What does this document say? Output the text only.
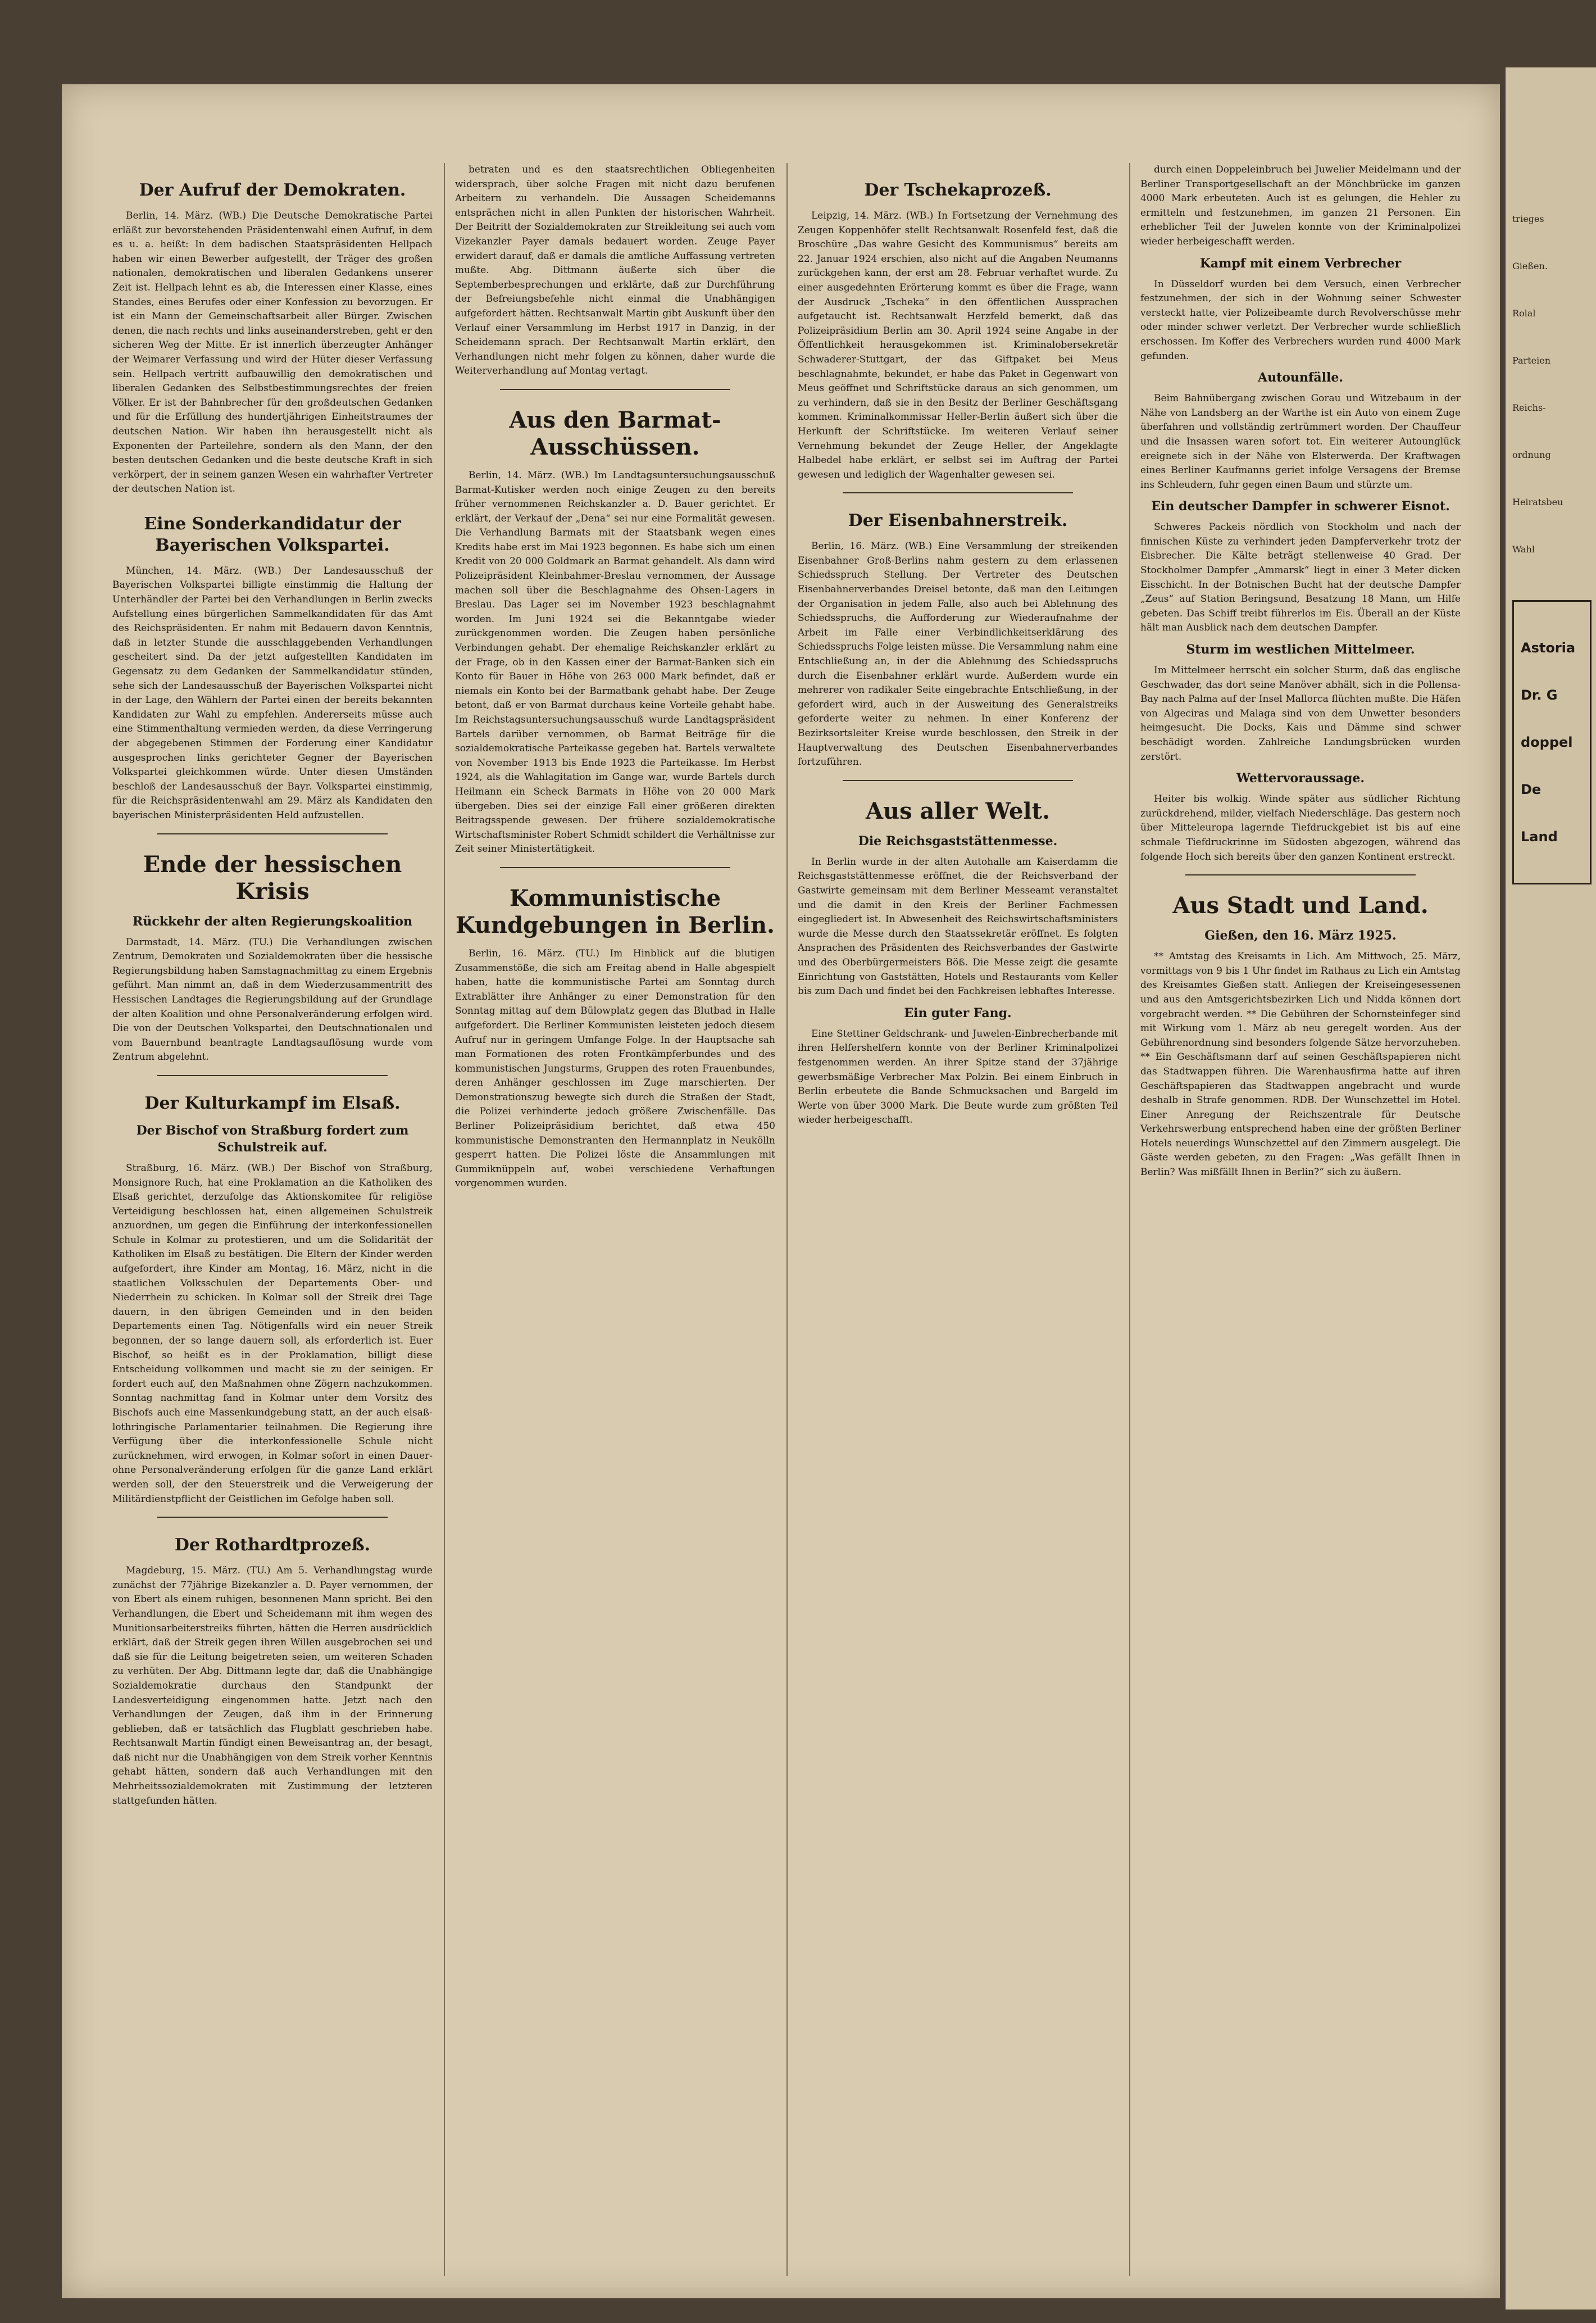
Der Aufruf der Demokraten.

Berlin, 14. März. (WB.) Die Deutsche Demokratische Partei erläßt zur bevorstehenden Präsidentenwahl einen Aufruf, in dem es u. a. heißt: In dem badischen Staatspräsidenten Hellpach haben wir einen Bewerber aufgestellt, der Träger des großen nationalen, demokratischen und liberalen Gedankens unserer Zeit ist. Hellpach lehnt es ab, die Interessen einer Klasse, eines Standes, eines Berufes oder einer Konfession zu bevorzugen. Er ist ein Mann der Gemeinschaftsarbeit aller Bürger. Zwischen denen, die nach rechts und links auseinanderstreben, geht er den sicheren Weg der Mitte. Er ist innerlich überzeugter Anhänger der Weimarer Verfassung und wird der Hüter dieser Verfassung sein. Hellpach vertritt aufbauwillig den demokratischen und liberalen Gedanken des Selbstbestimmungsrechtes der freien Völker. Er ist der Bahnbrecher für den großdeutschen Gedanken und für die Erfüllung des hundertjährigen Einheitstraumes der deutschen Nation. Wir haben ihn herausgestellt nicht als Exponenten der Parteilehre, sondern als den Mann, der den besten deutschen Gedanken und die beste deutsche Kraft in sich verkörpert, der in seinem ganzen Wesen ein wahrhafter Vertreter der deutschen Nation ist.

Eine Sonderkandidatur der Bayerischen Volkspartei.

München, 14. März. (WB.) Der Landesausschuß der Bayerischen Volkspartei billigte einstimmig die Haltung der Unterhändler der Partei bei den Verhandlungen in Berlin zwecks Aufstellung eines bürgerlichen Sammelkandidaten für das Amt des Reichspräsidenten. Er nahm mit Bedauern davon Kenntnis, daß in letzter Stunde die ausschlaggebenden Verhandlungen gescheitert sind. Da der jetzt aufgestellten Kandidaten im Gegensatz zu dem Gedanken der Sammelkandidatur stünden, sehe sich der Landesausschuß der Bayerischen Volkspartei nicht in der Lage, den Wählern der Partei einen der bereits bekannten Kandidaten zur Wahl zu empfehlen. Andererseits müsse auch eine Stimmenthaltung vermieden werden, da diese Verringerung der abgegebenen Stimmen der Forderung einer Kandidatur ausgesprochen links gerichteter Gegner der Bayerischen Volkspartei gleichkommen würde. Unter diesen Umständen beschloß der Landesausschuß der Bayr. Volkspartei einstimmig, für die Reichspräsidentenwahl am 29. März als Kandidaten den bayerischen Ministerpräsidenten Held aufzustellen.

Ende der hessischen Krisis
Rückkehr der alten Regierungskoalition

Darmstadt, 14. März. (TU.) Die Verhandlungen zwischen Zentrum, Demokraten und Sozialdemokraten über die hessische Regierungsbildung haben Samstagnachmittag zu einem Ergebnis geführt. Man nimmt an, daß in dem Wiederzusammentritt des Hessischen Landtages die Regierungsbildung auf der Grundlage der alten Koalition und ohne Personalveränderung erfolgen wird. Die von der Deutschen Volkspartei, den Deutschnationalen und vom Bauernbund beantragte Landtagsauflösung wurde vom Zentrum abgelehnt.

Der Kulturkampf im Elsaß.
Der Bischof von Straßburg fordert zum Schulstreik auf.

Straßburg, 16. März. (WB.) Der Bischof von Straßburg, Monsignore Ruch, hat eine Proklamation an die Katholiken des Elsaß gerichtet, derzufolge das Aktionskomitee für religiöse Verteidigung beschlossen hat, einen allgemeinen Schulstreik anzuordnen, um gegen die Einführung der interkonfessionellen Schule in Kolmar zu protestieren, und um die Solidarität der Katholiken im Elsaß zu bestätigen. Die Eltern der Kinder werden aufgefordert, ihre Kinder am Montag, 16. März, nicht in die staatlichen Volksschulen der Departements Ober- und Niederrhein zu schicken. In Kolmar soll der Streik drei Tage dauern, in den übrigen Gemeinden und in den beiden Departements einen Tag. Nötigenfalls wird ein neuer Streik begonnen, der so lange dauern soll, als erforderlich ist. Euer Bischof, so heißt es in der Proklamation, billigt diese Entscheidung vollkommen und macht sie zu der seinigen. Er fordert euch auf, den Maßnahmen ohne Zögern nachzukommen. Sonntag nachmittag fand in Kolmar unter dem Vorsitz des Bischofs auch eine Massenkundgebung statt, an der auch elsaß-lothringische Parlamentarier teilnahmen. Die Regierung ihre Verfügung über die interkonfessionelle Schule nicht zurücknehmen, wird erwogen, in Kolmar sofort in einen Dauer- ohne Personalveränderung erfolgen für die ganze Land erklärt werden soll, der den Steuerstreik und die Verweigerung der Militärdienstpflicht der Geistlichen im Gefolge haben soll.

Der Rothardtprozeß.

Magdeburg, 15. März. (TU.) Am 5. Verhandlungstag wurde zunächst der 77jährige Bizekanzler a. D. Payer vernommen, der von Ebert als einem ruhigen, besonnenen Mann spricht. Bei den Verhandlungen, die Ebert und Scheidemann mit ihm wegen des Munitionsarbeiterstreiks führten, hätten die Herren ausdrücklich erklärt, daß der Streik gegen ihren Willen ausgebrochen sei und daß sie für die Leitung beigetreten seien, um weiteren Schaden zu verhüten. Der Abg. Dittmann legte dar, daß die Unabhängige Sozialdemokratie durchaus den Standpunkt der Landesverteidigung eingenommen hatte. Jetzt nach den Verhandlungen der Zeugen, daß ihm in der Erinnerung geblieben, daß er tatsächlich das Flugblatt geschrieben habe. Rechtsanwalt Martin fündigt einen Beweisantrag an, der besagt, daß nicht nur die Unabhängigen von dem Streik vorher Kenntnis gehabt hätten, sondern daß auch Verhandlungen mit den Mehrheitssozialdemokraten mit Zustimmung der letzteren stattgefunden hätten.

betraten und es den staatsrechtlichen Obliegenheiten widersprach, über solche Fragen mit nicht dazu berufenen Arbeitern zu verhandeln. Die Aussagen Scheidemanns entsprächen nicht in allen Punkten der historischen Wahrheit. Der Beitritt der Sozialdemokraten zur Streikleitung sei auch vom Vizekanzler Payer damals bedauert worden. Zeuge Payer erwidert darauf, daß er damals die amtliche Auffassung vertreten mußte. Abg. Dittmann äußerte sich über die Septemberbesprechungen und erklärte, daß zur Durchführung der Befreiungsbefehle nicht einmal die Unabhängigen aufgefordert hätten. Rechtsanwalt Martin gibt Auskunft über den Verlauf einer Versammlung im Herbst 1917 in Danzig, in der Scheidemann sprach. Der Rechtsanwalt Martin erklärt, den Verhandlungen nicht mehr folgen zu können, daher wurde die Weiterverhandlung auf Montag vertagt.

Aus den Barmat-Ausschüssen.

Berlin, 14. März. (WB.) Im Landtagsuntersuchungsausschuß Barmat-Kutisker werden noch einige Zeugen zu den bereits früher vernommenen Reichskanzler a. D. Bauer gerichtet. Er erklärt, der Verkauf der „Dena“ sei nur eine Formalität gewesen. Die Verhandlung Barmats mit der Staatsbank wegen eines Kredits habe erst im Mai 1923 begonnen. Es habe sich um einen Kredit von 20 000 Goldmark an Barmat gehandelt. Als dann wird Polizeipräsident Kleinbahmer-Breslau vernommen, der Aussage machen soll über die Beschlagnahme des Ohsen-Lagers in Breslau. Das Lager sei im November 1923 beschlagnahmt worden. Im Juni 1924 sei die Bekanntgabe wieder zurückgenommen worden. Die Zeugen haben persönliche Verbindungen gehabt. Der ehemalige Reichskanzler erklärt zu der Frage, ob in den Kassen einer der Barmat-Banken sich ein Konto für Bauer in Höhe von 263 000 Mark befindet, daß er niemals ein Konto bei der Barmatbank gehabt habe. Der Zeuge betont, daß er von Barmat durchaus keine Vorteile gehabt habe. Im Reichstagsuntersuchungsausschuß wurde Landtagspräsident Bartels darüber vernommen, ob Barmat Beiträge für die sozialdemokratische Parteikasse gegeben hat. Bartels verwaltete von November 1913 bis Ende 1923 die Parteikasse. Im Herbst 1924, als die Wahlagitation im Gange war, wurde Bartels durch Heilmann ein Scheck Barmats in Höhe von 20 000 Mark übergeben. Dies sei der einzige Fall einer größeren direkten Beitragsspende gewesen. Der frühere sozialdemokratische Wirtschaftsminister Robert Schmidt schildert die Verhältnisse zur Zeit seiner Ministertätigkeit.

Kommunistische Kundgebungen in Berlin.

Berlin, 16. März. (TU.) Im Hinblick auf die blutigen Zusammenstöße, die sich am Freitag abend in Halle abgespielt haben, hatte die kommunistische Partei am Sonntag durch Extrablätter ihre Anhänger zu einer Demonstration für den Sonntag mittag auf dem Bülowplatz gegen das Blutbad in Halle aufgefordert. Die Berliner Kommunisten leisteten jedoch diesem Aufruf nur in geringem Umfange Folge. In der Hauptsache sah man Formationen des roten Frontkämpferbundes und des kommunistischen Jungsturms, Gruppen des roten Frauenbundes, deren Anhänger geschlossen im Zuge marschierten. Der Demonstrationszug bewegte sich durch die Straßen der Stadt, die Polizei verhinderte jedoch größere Zwischenfälle. Das Berliner Polizeipräsidium berichtet, daß etwa 450 kommunistische Demonstranten den Hermannplatz in Neukölln gesperrt hatten. Die Polizei löste die Ansammlungen mit Gummiknüppeln auf, wobei verschiedene Verhaftungen vorgenommen wurden.

Der Tschekaprozeß.

Leipzig, 14. März. (WB.) In Fortsetzung der Vernehmung des Zeugen Koppenhöfer stellt Rechtsanwalt Rosenfeld fest, daß die Broschüre „Das wahre Gesicht des Kommunismus“ bereits am 22. Januar 1924 erschien, also nicht auf die Angaben Neumanns zurückgehen kann, der erst am 28. Februar verhaftet wurde. Zu einer ausgedehnten Erörterung kommt es über die Frage, wann der Ausdruck „Tscheka“ in den öffentlichen Aussprachen aufgetaucht ist. Rechtsanwalt Herzfeld bemerkt, daß das Polizeipräsidium Berlin am 30. April 1924 seine Angabe in der Öffentlichkeit herausgekommen ist. Kriminalobersekretär Schwaderer-Stuttgart, der das Giftpaket bei Meus beschlagnahmte, bekundet, er habe das Paket in Gegenwart von Meus geöffnet und Schriftstücke daraus an sich genommen, um zu verhindern, daß sie in den Besitz der Berliner Geschäftsgang kommen. Kriminalkommissar Heller-Berlin äußert sich über die Herkunft der Schriftstücke. Im weiteren Verlauf seiner Vernehmung bekundet der Zeuge Heller, der Angeklagte Halbedel habe erklärt, er selbst sei im Auftrag der Partei gewesen und lediglich der Wagenhalter gewesen sei.

Der Eisenbahnerstreik.

Berlin, 16. März. (WB.) Eine Versammlung der streikenden Eisenbahner Groß-Berlins nahm gestern zu dem erlassenen Schiedsspruch Stellung. Der Vertreter des Deutschen Eisenbahnerverbandes Dreisel betonte, daß man den Leitungen der Organisation in jedem Falle, also auch bei Ablehnung des Schiedsspruchs, die Aufforderung zur Wiederaufnahme der Arbeit im Falle einer Verbindlichkeitserklärung des Schiedsspruchs Folge leisten müsse. Die Versammlung nahm eine Entschließung an, in der die Ablehnung des Schiedsspruchs durch die Eisenbahner erklärt wurde. Außerdem wurde ein mehrerer von radikaler Seite eingebrachte Entschließung, in der gefordert wird, auch in der Ausweitung des Generalstreiks geforderte weiter zu nehmen. In einer Konferenz der Bezirksortsleiter Kreise wurde beschlossen, den Streik in der Hauptverwaltung des Deutschen Eisenbahnerverbandes fortzuführen.

Aus aller Welt.
Die Reichsgaststättenmesse.

In Berlin wurde in der alten Autohalle am Kaiserdamm die Reichsgaststättenmesse eröffnet, die der Reichsverband der Gastwirte gemeinsam mit dem Berliner Messeamt veranstaltet und die damit in den Kreis der Berliner Fachmessen eingegliedert ist. In Abwesenheit des Reichswirtschaftsministers wurde die Messe durch den Staatssekretär eröffnet. Es folgten Ansprachen des Präsidenten des Reichsverbandes der Gastwirte und des Oberbürgermeisters Böß. Die Messe zeigt die gesamte Einrichtung von Gaststätten, Hotels und Restaurants vom Keller bis zum Dach und findet bei den Fachkreisen lebhaftes Interesse.

Ein guter Fang.

Eine Stettiner Geldschrank- und Juwelen-Einbrecherbande mit ihren Helfershelfern konnte von der Berliner Kriminalpolizei festgenommen werden. An ihrer Spitze stand der 37jährige gewerbsmäßige Verbrecher Max Polzin. Bei einem Einbruch in Berlin erbeutete die Bande Schmucksachen und Bargeld im Werte von über 3000 Mark. Die Beute wurde zum größten Teil wieder herbeigeschafft.

durch einen Doppeleinbruch bei Juwelier Meidelmann und der Berliner Transportgesellschaft an der Mönchbrücke im ganzen 4000 Mark erbeuteten. Auch ist es gelungen, die Hehler zu ermitteln und festzunehmen, im ganzen 21 Personen. Ein erheblicher Teil der Juwelen konnte von der Kriminalpolizei wieder herbeigeschafft werden.

Kampf mit einem Verbrecher

In Düsseldorf wurden bei dem Versuch, einen Verbrecher festzunehmen, der sich in der Wohnung seiner Schwester versteckt hatte, vier Polizeibeamte durch Revolverschüsse mehr oder minder schwer verletzt. Der Verbrecher wurde schließlich erschossen. Im Koffer des Verbrechers wurden rund 4000 Mark gefunden.

Autounfälle.

Beim Bahnübergang zwischen Gorau und Witzebaum in der Nähe von Landsberg an der Warthe ist ein Auto von einem Zuge überfahren und vollständig zertrümmert worden. Der Chauffeur und die Insassen waren sofort tot. Ein weiterer Autounglück ereignete sich in der Nähe von Elsterwerda. Der Kraftwagen eines Berliner Kaufmanns geriet infolge Versagens der Bremse ins Schleudern, fuhr gegen einen Baum und stürzte um.

Ein deutscher Dampfer in schwerer Eisnot.

Schweres Packeis nördlich von Stockholm und nach der finnischen Küste zu verhindert jeden Dampferverkehr trotz der Eisbrecher. Die Kälte beträgt stellenweise 40 Grad. Der Stockholmer Dampfer „Ammarsk“ liegt in einer 3 Meter dicken Eisschicht. In der Botnischen Bucht hat der deutsche Dampfer „Zeus“ auf Station Beringsund, Besatzung 18 Mann, um Hilfe gebeten. Das Schiff treibt führerlos im Eis. Überall an der Küste hält man Ausblick nach dem deutschen Dampfer.

Sturm im westlichen Mittelmeer.

Im Mittelmeer herrscht ein solcher Sturm, daß das englische Geschwader, das dort seine Manöver abhält, sich in die Pollensa-Bay nach Palma auf der Insel Mallorca flüchten mußte. Die Häfen von Algeciras und Malaga sind von dem Unwetter besonders heimgesucht. Die Docks, Kais und Dämme sind schwer beschädigt worden. Zahlreiche Landungsbrücken wurden zerstört.

Wettervoraussage.

Heiter bis wolkig. Winde später aus südlicher Richtung zurückdrehend, milder, vielfach Niederschläge. Das gestern noch über Mitteleuropa lagernde Tiefdruckgebiet ist bis auf eine schmale Tiefdruckrinne im Südosten abgezogen, während das folgende Hoch sich bereits über den ganzen Kontinent erstreckt.

Aus Stadt und Land.
Gießen, den 16. März 1925.

** Amtstag des Kreisamts in Lich. Am Mittwoch, 25. März, vormittags von 9 bis 1 Uhr findet im Rathaus zu Lich ein Amtstag des Kreisamtes Gießen statt. Anliegen der Kreiseingesessenen und aus den Amtsgerichtsbezirken Lich und Nidda können dort vorgebracht werden. ** Die Gebühren der Schornsteinfeger sind mit Wirkung vom 1. März ab neu geregelt worden. Aus der Gebührenordnung sind besonders folgende Sätze hervorzuheben. ** Ein Geschäftsmann darf auf seinen Geschäftspapieren nicht das Stadtwappen führen. Die Warenhausfirma hatte auf ihren Geschäftspapieren das Stadtwappen angebracht und wurde deshalb in Strafe genommen. RDB. Der Wunschzettel im Hotel. Einer Anregung der Reichszentrale für Deutsche Verkehrswerbung entsprechend haben eine der größten Berliner Hotels neuerdings Wunschzettel auf den Zimmern ausgelegt. Die Gäste werden gebeten, zu den Fragen: „Was gefällt Ihnen in Berlin? Was mißfällt Ihnen in Berlin?“ sich zu äußern.

trieges

Gießen.

Rolal

Parteien

Reichs-

ordnung

Heiratsbeu

Wahl

Astoria

Dr. G

doppel

De

Land
